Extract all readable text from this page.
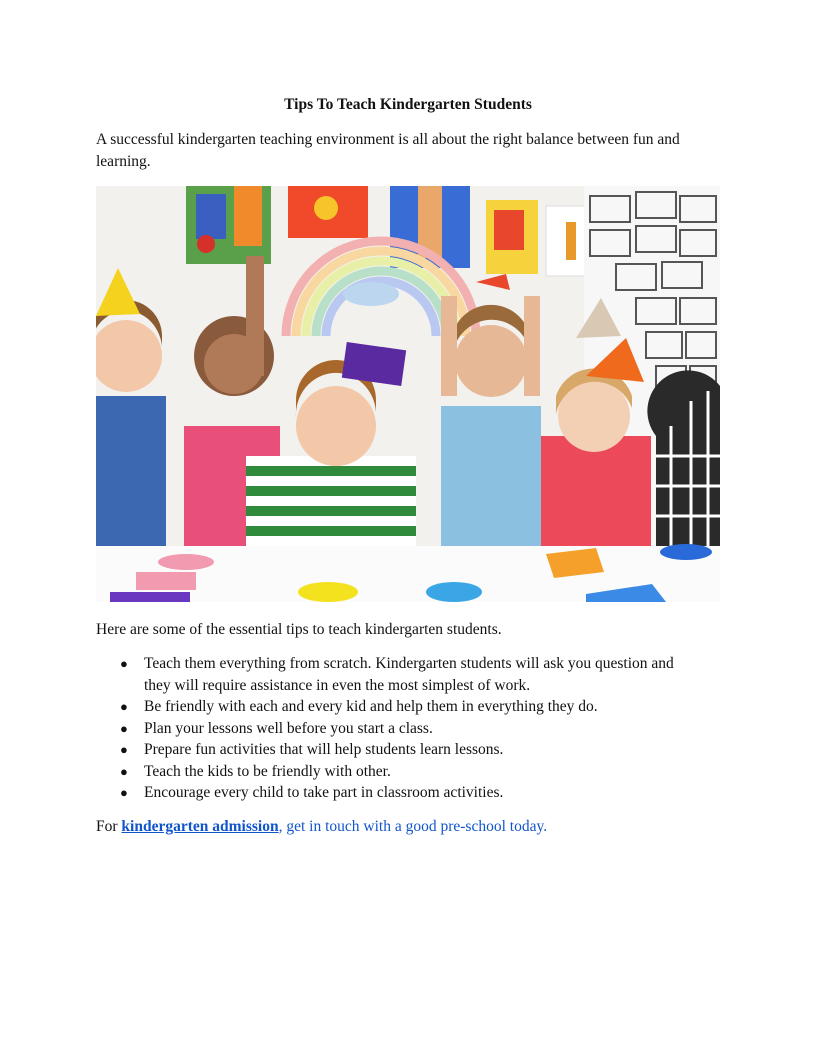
Tips To Teach Kindergarten Students

A successful kindergarten teaching environment is all about the right balance between fun and learning.

Here are some of the essential tips to teach kindergarten students.

● Teach them everything from scratch. Kindergarten students will ask you question and they will require assistance in even the most simplest of work.
● Be friendly with each and every kid and help them in everything they do.
● Plan your lessons well before you start a class.
● Prepare fun activities that will help students learn lessons.
● Teach the kids to be friendly with other.
● Encourage every child to take part in classroom activities.

For kindergarten admission, get in touch with a good pre-school today.
